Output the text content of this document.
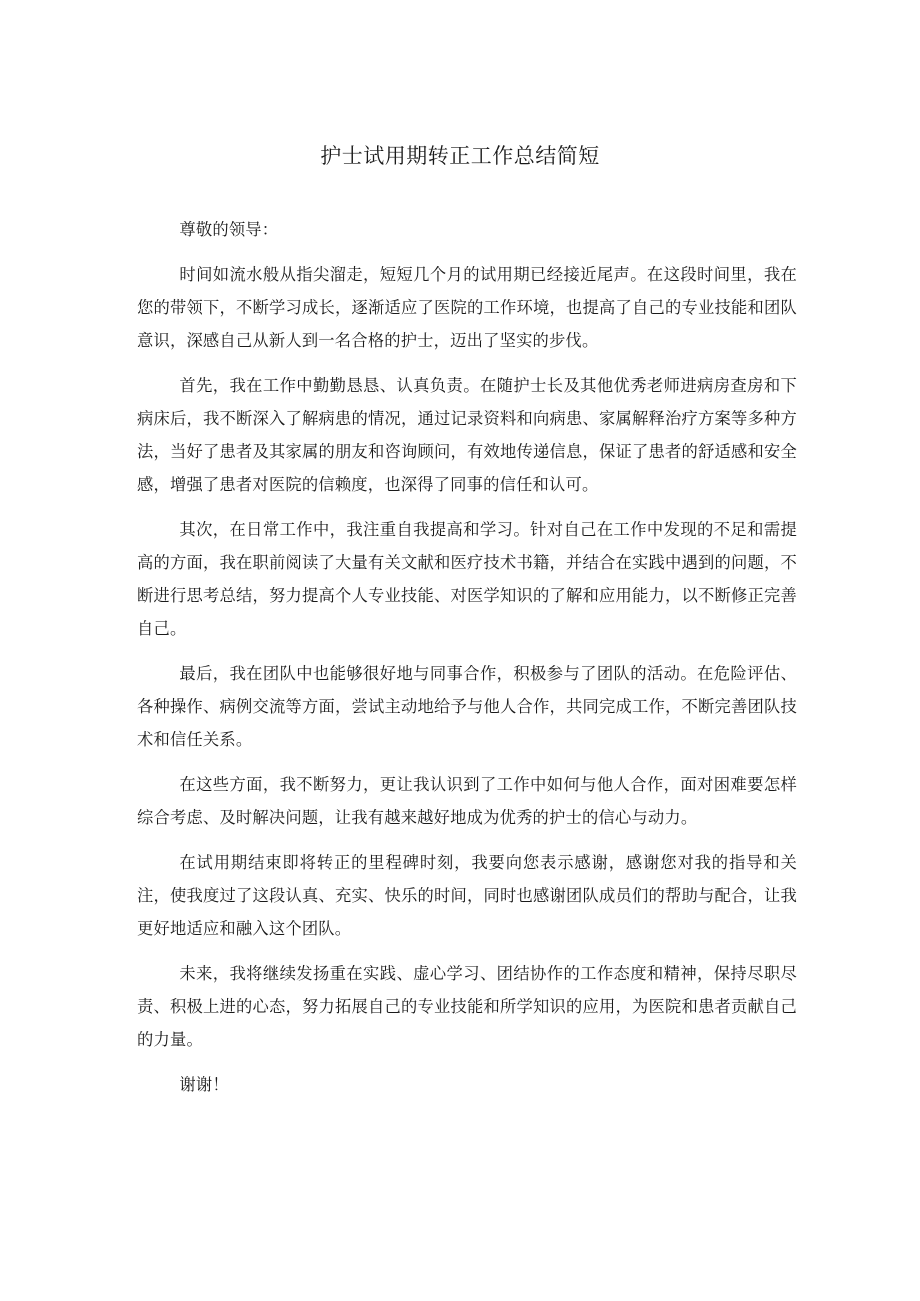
护士试用期转正工作总结简短

尊敬的领导：

时间如流水般从指尖溜走，短短几个月的试用期已经接近尾声。在这段时间里，我在您的带领下，不断学习成长，逐渐适应了医院的工作环境，也提高了自己的专业技能和团队意识，深感自己从新人到一名合格的护士，迈出了坚实的步伐。

首先，我在工作中勤勤恳恳、认真负责。在随护士长及其他优秀老师进病房查房和下病床后，我不断深入了解病患的情况，通过记录资料和向病患、家属解释治疗方案等多种方法，当好了患者及其家属的朋友和咨询顾问，有效地传递信息，保证了患者的舒适感和安全感，增强了患者对医院的信赖度，也深得了同事的信任和认可。

其次，在日常工作中，我注重自我提高和学习。针对自己在工作中发现的不足和需提高的方面，我在职前阅读了大量有关文献和医疗技术书籍，并结合在实践中遇到的问题，不断进行思考总结，努力提高个人专业技能、对医学知识的了解和应用能力，以不断修正完善自己。

最后，我在团队中也能够很好地与同事合作，积极参与了团队的活动。在危险评估、各种操作、病例交流等方面，尝试主动地给予与他人合作，共同完成工作，不断完善团队技术和信任关系。

在这些方面，我不断努力，更让我认识到了工作中如何与他人合作，面对困难要怎样综合考虑、及时解决问题，让我有越来越好地成为优秀的护士的信心与动力。

在试用期结束即将转正的里程碑时刻，我要向您表示感谢，感谢您对我的指导和关注，使我度过了这段认真、充实、快乐的时间，同时也感谢团队成员们的帮助与配合，让我更好地适应和融入这个团队。

未来，我将继续发扬重在实践、虚心学习、团结协作的工作态度和精神，保持尽职尽责、积极上进的心态，努力拓展自己的专业技能和所学知识的应用，为医院和患者贡献自己的力量。

谢谢！
